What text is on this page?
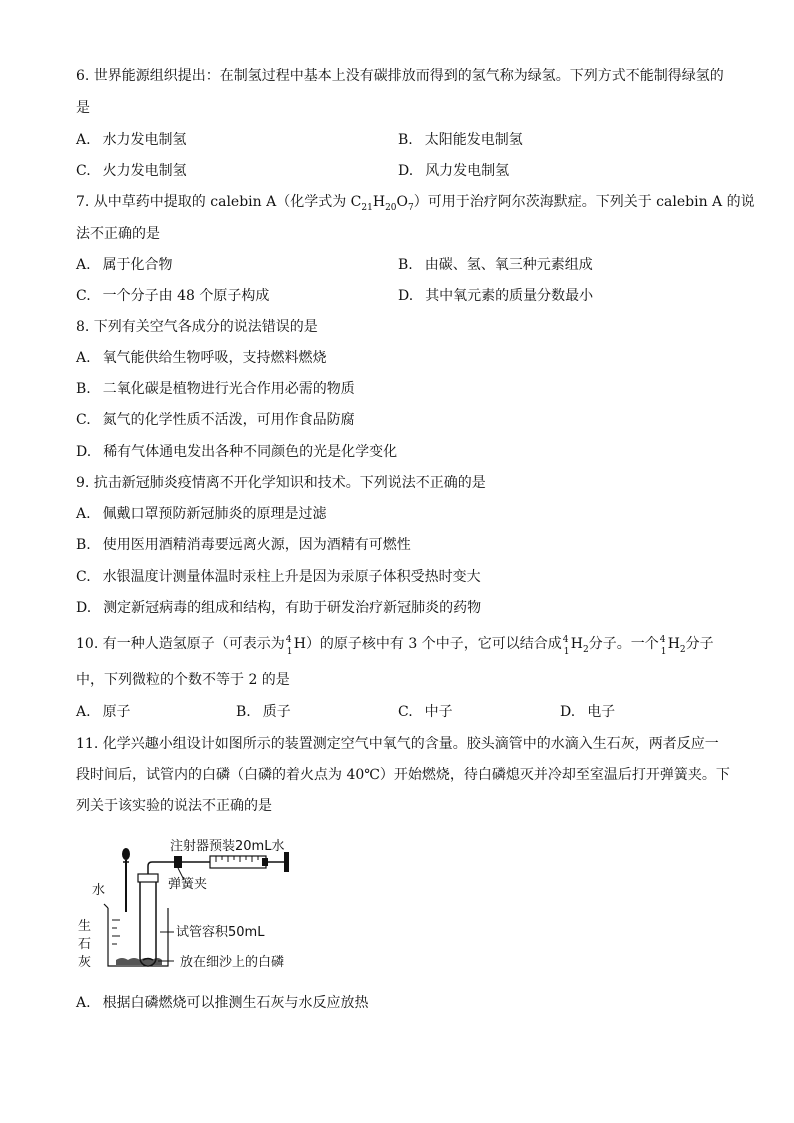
6. 世界能源组织提出：在制氢过程中基本上没有碳排放而得到的氢气称为绿氢。下列方式不能制得绿氢的
是
A. 水力发电制氢	B. 太阳能发电制氢
C. 火力发电制氢	D. 风力发电制氢
7. 从中草药中提取的 calebin A（化学式为 $C_{21}H_{20}O_7$）可用于治疗阿尔茨海默症。下列关于 calebin A 的说
法不正确的是
A. 属于化合物	B. 由碳、氢、氧三种元素组成
C. 一个分子由 48 个原子构成	D. 其中氧元素的质量分数最小
8. 下列有关空气各成分的说法错误的是
A. 氧气能供给生物呼吸，支持燃料燃烧
B. 二氧化碳是植物进行光合作用必需的物质
C. 氮气的化学性质不活泼，可用作食品防腐
D. 稀有气体通电发出各种不同颜色的光是化学变化
9. 抗击新冠肺炎疫情离不开化学知识和技术。下列说法不正确的是
A. 佩戴口罩预防新冠肺炎的原理是过滤
B. 使用医用酒精消毒要远离火源，因为酒精有可燃性
C. 水银温度计测量体温时汞柱上升是因为汞原子体积受热时变大
D. 测定新冠病毒的组成和结构，有助于研发治疗新冠肺炎的药物
10. 有一种人造氢原子（可表示为 4
1 H）的原子核中有 3 个中子，它可以结合成 4
1 $H_2$分子。一个 4
1 $H_2$分子
中，下列微粒的个数不等于 2 的是
A. 原子	B. 质子	C. 中子	D. 电子
11. 化学兴趣小组设计如图所示的装置测定空气中氧气的含量。胶头滴管中的水滴入生石灰，两者反应一
段时间后，试管内的白磷（白磷的着火点为 40℃）开始燃烧，待白磷熄灭并冷却至室温后打开弹簧夹。下
列关于该实验的说法不正确的是
注射器预装20mL水
弹簧夹
水
生
石
灰
试管容积50mL
放在细沙上的白磷
A. 根据白磷燃烧可以推测生石灰与水反应放热
